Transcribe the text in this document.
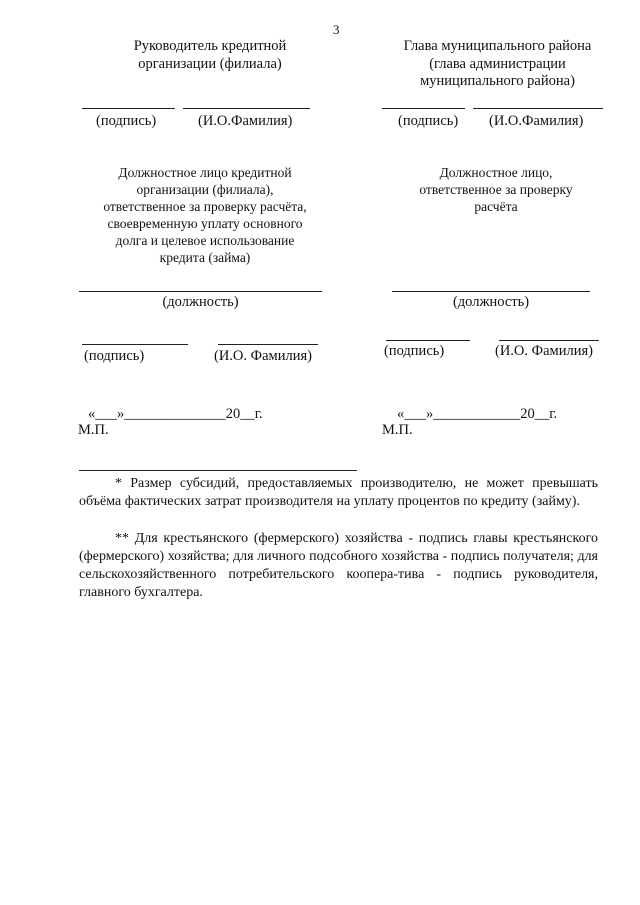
3
Руководитель кредитной
организации (филиала)
Глава муниципального района
(глава администрации
муниципального района)
(подпись)	(И.О.Фамилия)	(подпись) (И.О.Фамилия)
Должностное лицо кредитной
организации (филиала),
ответственное за проверку расчёта,
своевременную уплату основного
долга и целевое использование
кредита (займа)
Должностное лицо,
ответственное за проверку
расчёта
(должность)	(должность)
(подпись)	(И.О. Фамилия)	(подпись)	(И.О. Фамилия)
«___»______________20__г.
М.П.
«___»____________20__г.
М.П.
* Размер субсидий, предоставляемых производителю, не может превышать объёма фактических затрат производителя на уплату процентов по кредиту (займу).
** Для крестьянского (фермерского) хозяйства - подпись главы крестьянского (фермерского) хозяйства; для личного подсобного хозяйства - подпись получателя; для сельскохозяйственного потребительского коопера-тива - подпись руководителя, главного бухгалтера.
